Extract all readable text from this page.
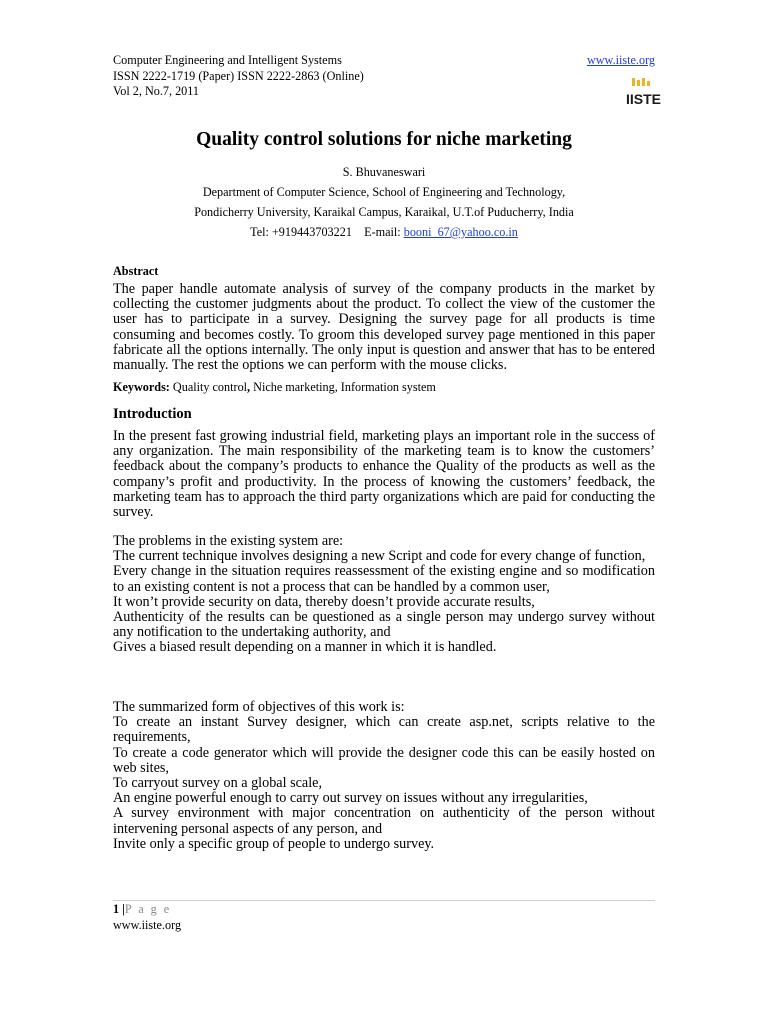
Computer Engineering and Intelligent Systems
ISSN 2222-1719 (Paper) ISSN 2222-2863 (Online)
Vol 2, No.7, 2011
www.iiste.org
IISTE
Quality control solutions for niche marketing
S. Bhuvaneswari
Department of Computer Science, School of Engineering and Technology,
Pondicherry University, Karaikal Campus, Karaikal, U.T.of Puducherry, India
Tel: +919443703221 E-mail: booni_67@yahoo.co.in
Abstract

The paper handle automate analysis of survey of the company products in the market by collecting the customer judgments about the product. To collect the view of the customer the user has to participate in a survey. Designing the survey page for all products is time consuming and becomes costly. To groom this developed survey page mentioned in this paper fabricate all the options internally. The only input is question and answer that has to be entered manually. The rest the options we can perform with the mouse clicks.

Keywords: Quality control, Niche marketing, Information system
Introduction

In the present fast growing industrial field, marketing plays an important role in the success of any organization. The main responsibility of the marketing team is to know the customers’ feedback about the company’s products to enhance the Quality of the products as well as the company’s profit and productivity. In the process of knowing the customers’ feedback, the marketing team has to approach the third party organizations which are paid for conducting the survey.

The problems in the existing system are:
The current technique involves designing a new Script and code for every change of function,
Every change in the situation requires reassessment of the existing engine and so modification to an existing content is not a process that can be handled by a common user,
It won’t provide security on data, thereby doesn’t provide accurate results,
Authenticity of the results can be questioned as a single person may undergo survey without any notification to the undertaking authority, and
Gives a biased result depending on a manner in which it is handled.
The summarized form of objectives of this work is:
To create an instant Survey designer, which can create asp.net, scripts relative to the requirements,
To create a code generator which will provide the designer code this can be easily hosted on web sites,
To carryout survey on a global scale,
An engine powerful enough to carry out survey on issues without any irregularities,
A survey environment with major concentration on authenticity of the person without intervening personal aspects of any person, and
Invite only a specific group of people to undergo survey.
1 |P a g e
www.iiste.org
